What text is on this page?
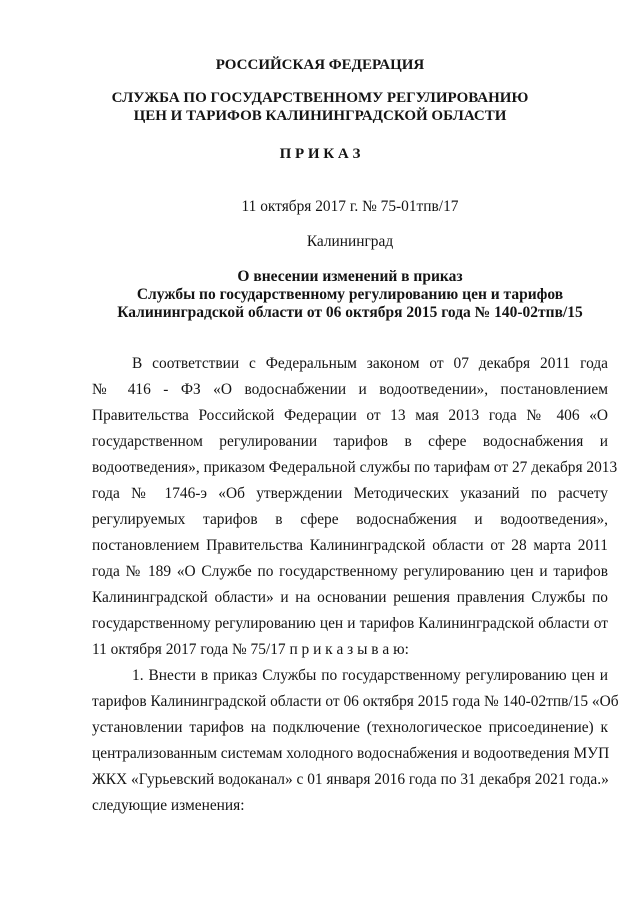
РОССИЙСКАЯ ФЕДЕРАЦИЯ
СЛУЖБА ПО ГОСУДАРСТВЕННОМУ РЕГУЛИРОВАНИЮ
ЦЕН И ТАРИФОВ КАЛИНИНГРАДСКОЙ ОБЛАСТИ
П Р И К А З
11 октября 2017 г. № 75-01тпв/17
Калининград
О внесении изменений в приказ
Службы по государственному регулированию цен и тарифов
Калининградской области от 06 октября 2015 года № 140-02тпв/15
В соответствии с Федеральным законом от 07 декабря 2011 года
№ 416 - ФЗ «О водоснабжении и водоотведении», постановлением
Правительства Российской Федерации от 13 мая 2013 года № 406 «О
государственном регулировании тарифов в сфере водоснабжения и
водоотведения», приказом Федеральной службы по тарифам от 27 декабря 2013
года № 1746-э «Об утверждении Методических указаний по расчету
регулируемых тарифов в сфере водоснабжения и водоотведения»,
постановлением Правительства Калининградской области от 28 марта 2011
года № 189 «О Службе по государственному регулированию цен и тарифов
Калининградской области» и на основании решения правления Службы по
государственному регулированию цен и тарифов Калининградской области от
11 октября 2017 года № 75/17 п р и к а з ы в а ю:
1. Внести в приказ Службы по государственному регулированию цен и
тарифов Калининградской области от 06 октября 2015 года № 140-02тпв/15 «Об
установлении тарифов на подключение (технологическое присоединение) к
централизованным системам холодного водоснабжения и водоотведения МУП
ЖКХ «Гурьевский водоканал» с 01 января 2016 года по 31 декабря 2021 года.»
следующие изменения:
